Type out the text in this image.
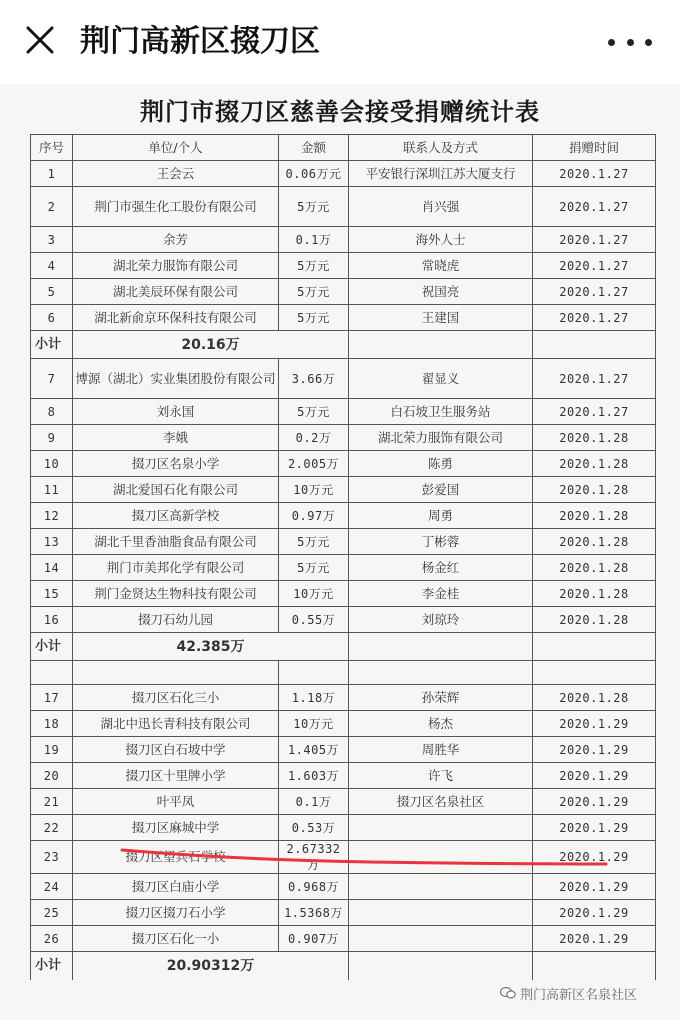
荆门高新区掇刀区
荆门市掇刀区慈善会接受捐赠统计表
序号	单位/个人	金额	联系人及方式	捐赠时间
1	王会云	0.06万元	平安银行深圳江苏大厦支行	2020.1.27
2	荆门市强生化工股份有限公司	5万元	肖兴强	2020.1.27
3	余芳	0.1万	海外人士	2020.1.27
4	湖北荣力服饰有限公司	5万元	常晓虎	2020.1.27
5	湖北美辰环保有限公司	5万元	祝国亮	2020.1.27
6	湖北新俞京环保科技有限公司	5万元	王建国	2020.1.27
小计	20.16万			
7	博源（湖北）实业集团股份有限公司	3.66万	翟显义	2020.1.27
8	刘永国	5万元	白石坡卫生服务站	2020.1.27
9	李娥	0.2万	湖北荣力服饰有限公司	2020.1.28
10	掇刀区名泉小学	2.005万	陈勇	2020.1.28
11	湖北爱国石化有限公司	10万元	彭爱国	2020.1.28
12	掇刀区高新学校	0.97万	周勇	2020.1.28
13	湖北千里香油脂食品有限公司	5万元	丁彬蓉	2020.1.28
14	荆门市美邦化学有限公司	5万元	杨金红	2020.1.28
15	荆门金贤达生物科技有限公司	10万元	李金桂	2020.1.28
16	掇刀石幼儿园	0.55万	刘琼玲	2020.1.28
小计	42.385万			

17	掇刀区石化三小	1.18万	孙荣辉	2020.1.28
18	湖北中迅长青科技有限公司	10万元	杨杰	2020.1.29
19	掇刀区白石坡中学	1.405万	周胜华	2020.1.29
20	掇刀区十里牌小学	1.603万	许飞	2020.1.29
21	叶平凤	0.1万	掇刀区名泉社区	2020.1.29
22	掇刀区麻城中学	0.53万		2020.1.29
23	掇刀区望兵石学校	2.67332万		2020.1.29
24	掇刀区白庙小学	0.968万		2020.1.29
25	掇刀区掇刀石小学	1.5368万		2020.1.29
26	掇刀区石化一小	0.907万		2020.1.29
小计	20.90312万			
荆门高新区名泉社区
